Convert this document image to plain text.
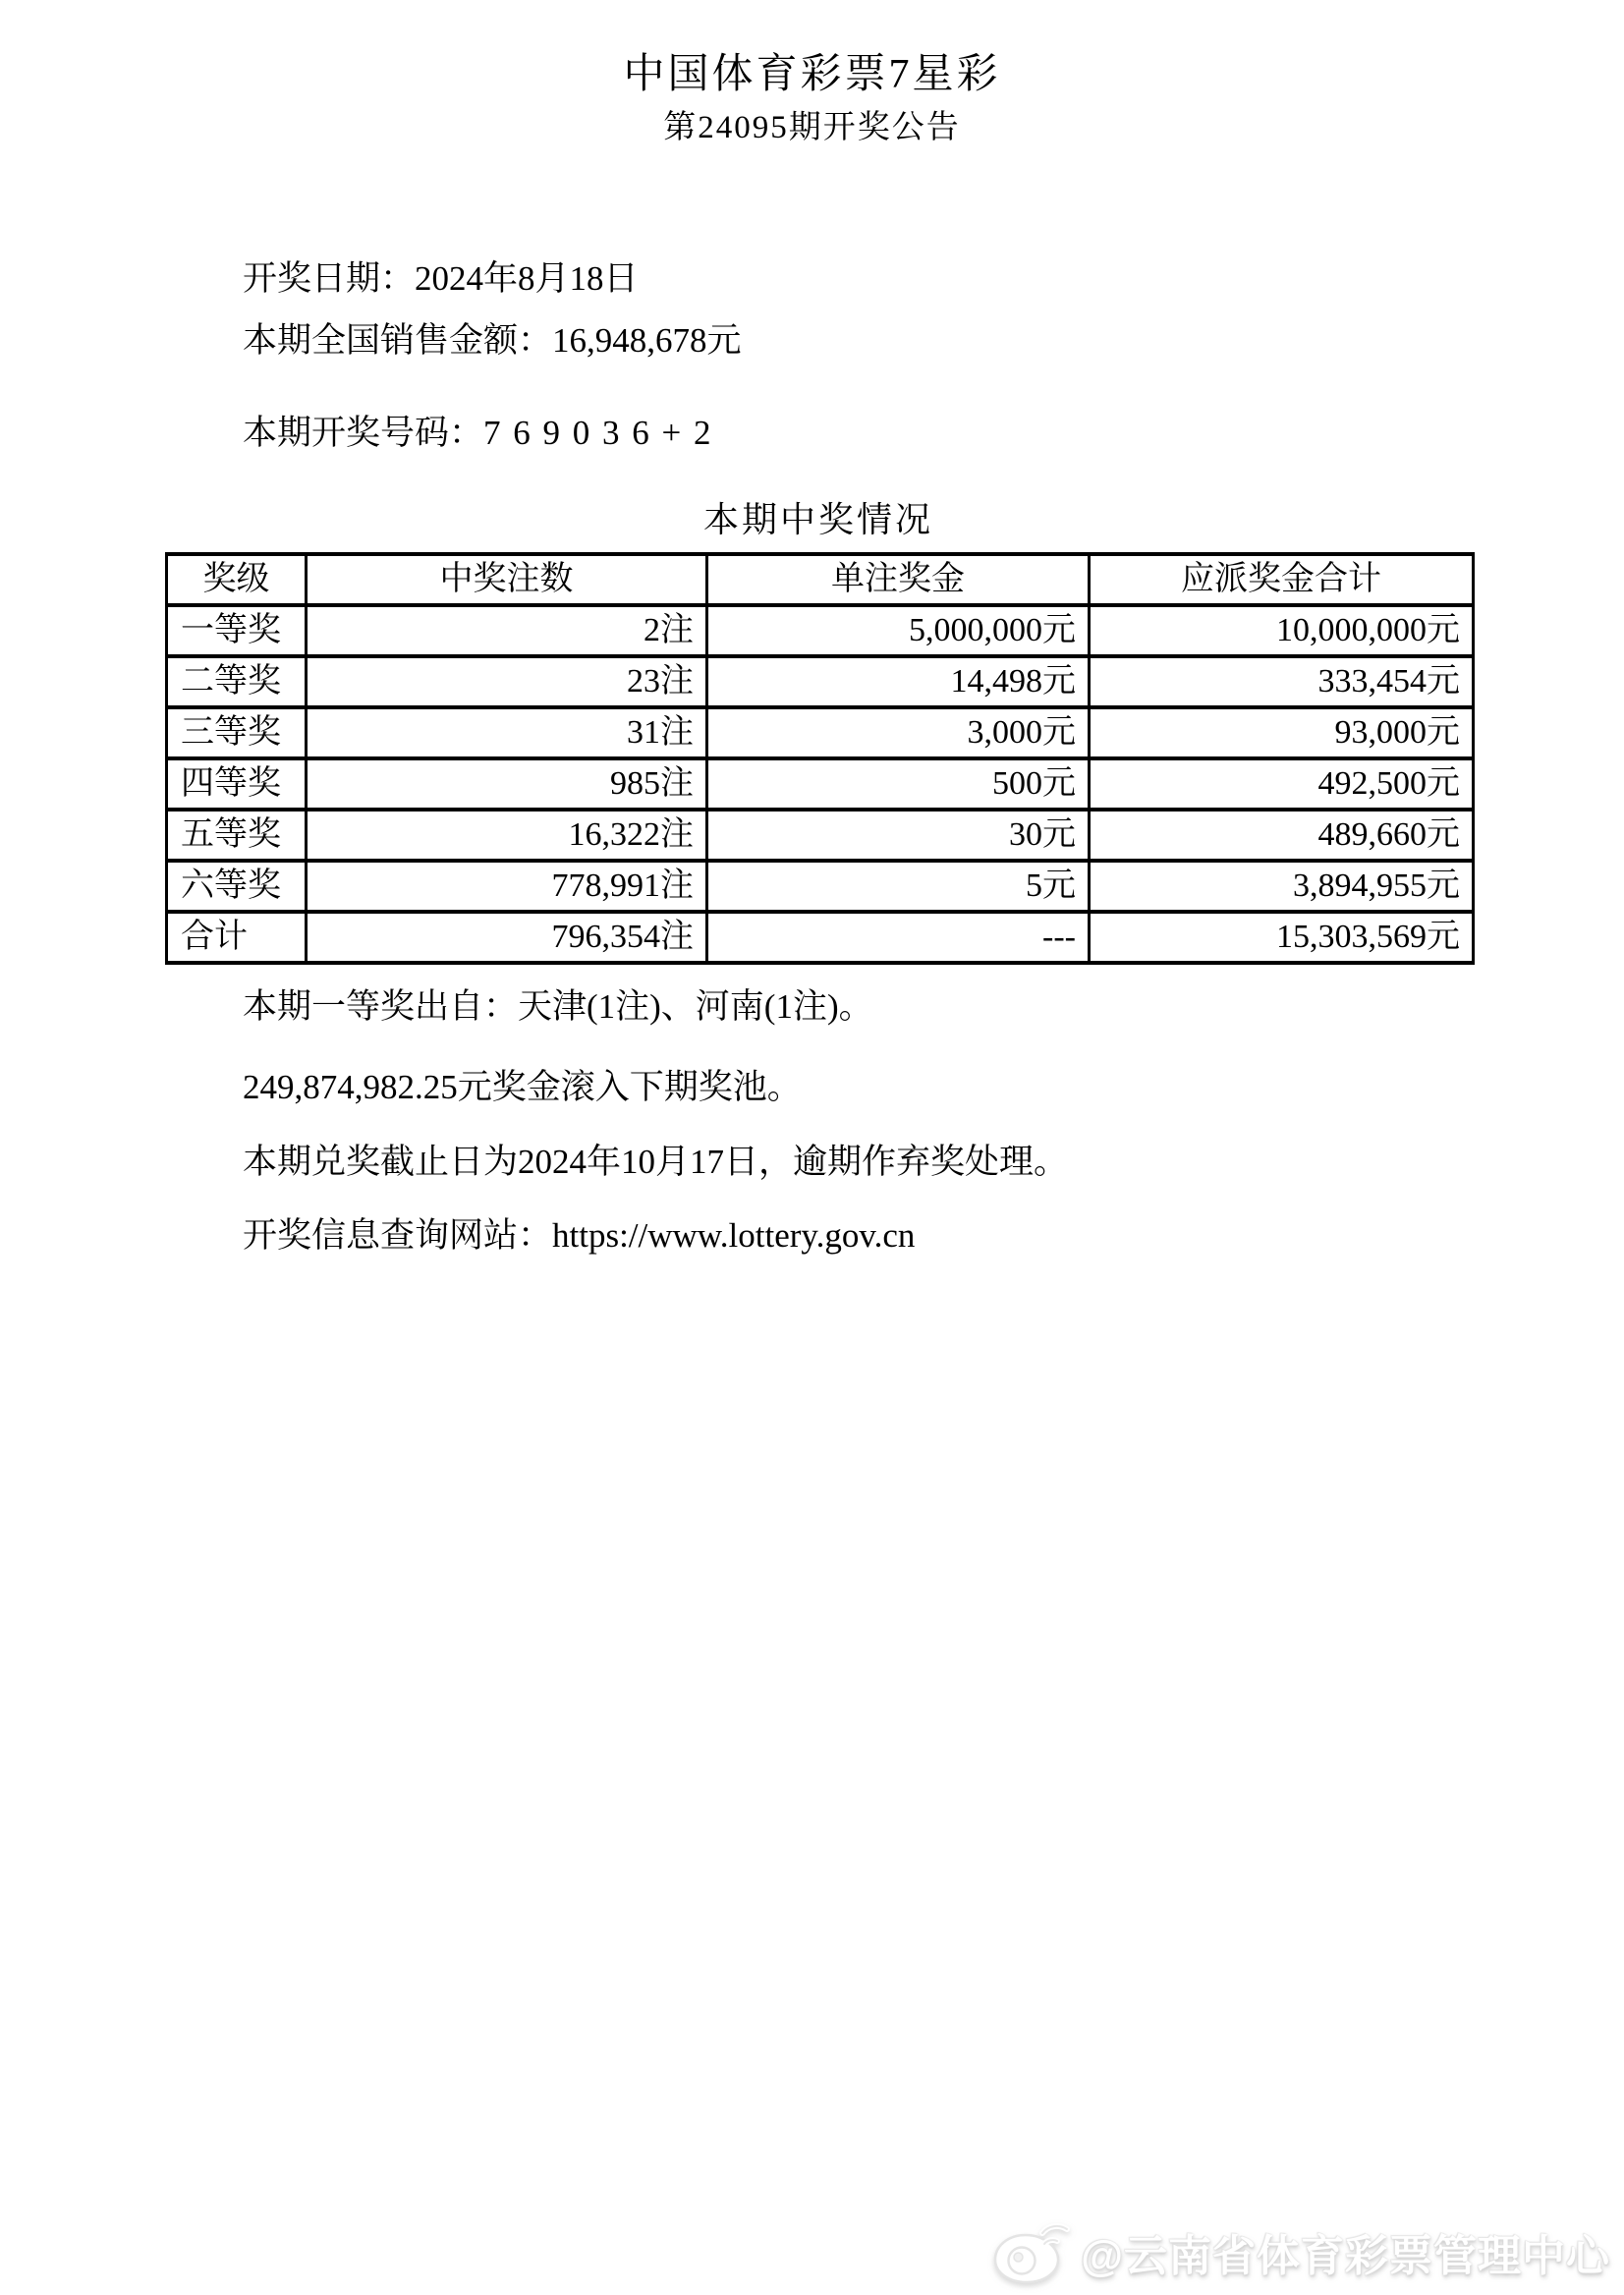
中国体育彩票7星彩
第24095期开奖公告
开奖日期：2024年8月18日
本期全国销售金额：16,948,678元
本期开奖号码：7 6 9 0 3 6 + 2
本期中奖情况
奖级	中奖注数	单注奖金	应派奖金合计
一等奖	2注	5,000,000元	10,000,000元
二等奖	23注	14,498元	333,454元
三等奖	31注	3,000元	93,000元
四等奖	985注	500元	492,500元
五等奖	16,322注	30元	489,660元
六等奖	778,991注	5元	3,894,955元
合计	796,354注	---	15,303,569元
本期一等奖出自：天津(1注)、河南(1注)。
249,874,982.25元奖金滚入下期奖池。
本期兑奖截止日为2024年10月17日，逾期作弃奖处理。
开奖信息查询网站：https://www.lottery.gov.cn
@云南省体育彩票管理中心
